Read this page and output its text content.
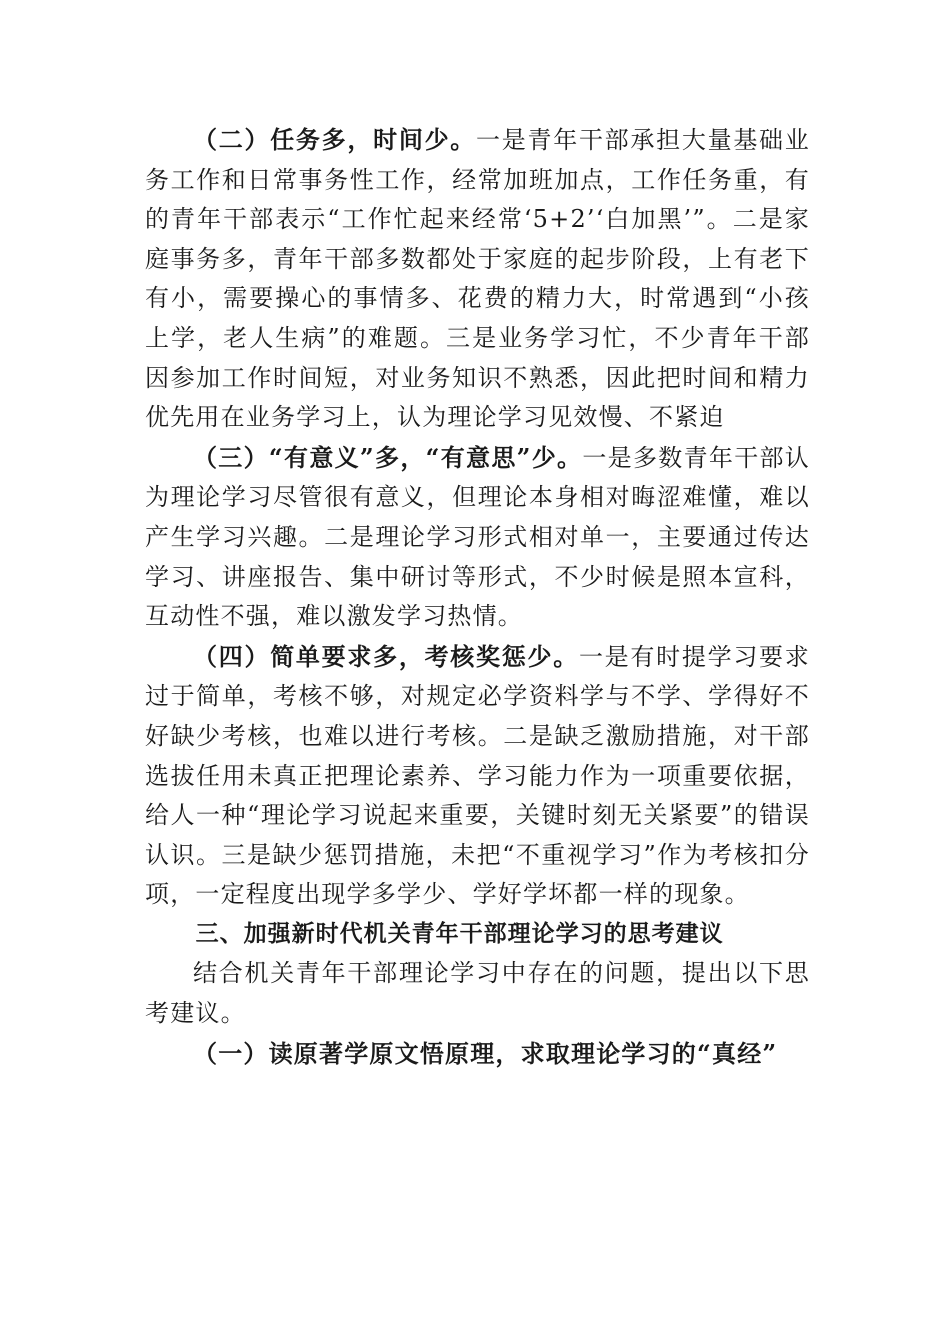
（二）任务多，时间少。一是青年干部承担大量基础业务工作和日常事务性工作，经常加班加点，工作任务重，有的青年干部表示“工作忙起来经常‘5+2’‘白加黑’”。二是家庭事务多，青年干部多数都处于家庭的起步阶段，上有老下有小，需要操心的事情多、花费的精力大，时常遇到“小孩上学，老人生病”的难题。三是业务学习忙，不少青年干部因参加工作时间短，对业务知识不熟悉，因此把时间和精力优先用在业务学习上，认为理论学习见效慢、不紧迫

（三）“有意义”多，“有意思”少。一是多数青年干部认为理论学习尽管很有意义，但理论本身相对晦涩难懂，难以产生学习兴趣。二是理论学习形式相对单一，主要通过传达学习、讲座报告、集中研讨等形式，不少时候是照本宣科，互动性不强，难以激发学习热情。

（四）简单要求多，考核奖惩少。一是有时提学习要求过于简单，考核不够，对规定必学资料学与不学、学得好不好缺少考核，也难以进行考核。二是缺乏激励措施，对干部选拔任用未真正把理论素养、学习能力作为一项重要依据，给人一种“理论学习说起来重要，关键时刻无关紧要”的错误认识。三是缺少惩罚措施，未把“不重视学习”作为考核扣分项，一定程度出现学多学少、学好学坏都一样的现象。

三、加强新时代机关青年干部理论学习的思考建议

结合机关青年干部理论学习中存在的问题，提出以下思考建议。

（一）读原著学原文悟原理，求取理论学习的“真经”
